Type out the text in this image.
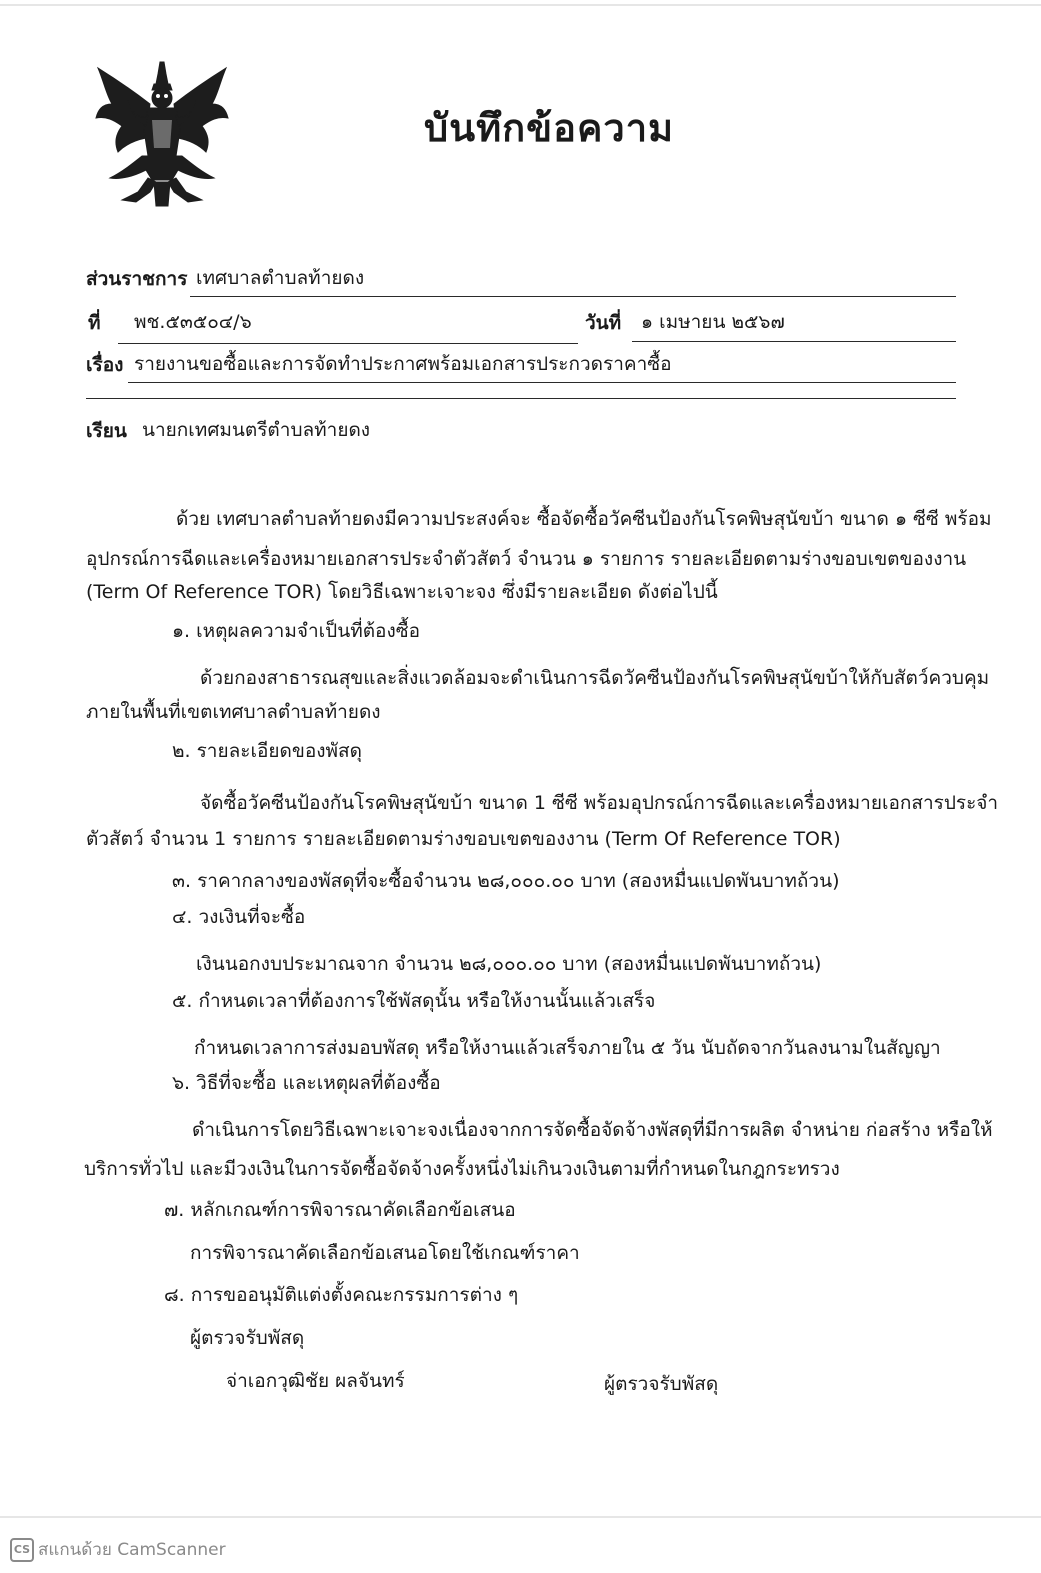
บันทึกข้อความ
ส่วนราชการ เทศบาลตำบลท้ายดง
ที่ พช.๕๓๕๐๔/๖	วันที่ ๑ เมษายน ๒๕๖๗
เรื่อง รายงานขอซื้อและการจัดทำประกาศพร้อมเอกสารประกวดราคาซื้อ
เรียน นายกเทศมนตรีตำบลท้ายดง
ด้วย เทศบาลตำบลท้ายดงมีความประสงค์จะ ซื้อจัดซื้อวัคซีนป้องกันโรคพิษสุนัขบ้า ขนาด ๑ ซีซี พร้อม
อุปกรณ์การฉีดและเครื่องหมายเอกสารประจำตัวสัตว์ จำนวน ๑ รายการ รายละเอียดตามร่างขอบเขตของงาน
(Term Of Reference TOR) โดยวิธีเฉพาะเจาะจง ซึ่งมีรายละเอียด ดังต่อไปนี้
๑. เหตุผลความจำเป็นที่ต้องซื้อ
ด้วยกองสาธารณสุขและสิ่งแวดล้อมจะดำเนินการฉีดวัคซีนป้องกันโรคพิษสุนัขบ้าให้กับสัตว์ควบคุม
ภายในพื้นที่เขตเทศบาลตำบลท้ายดง
๒. รายละเอียดของพัสดุ
จัดซื้อวัคซีนป้องกันโรคพิษสุนัขบ้า ขนาด 1 ซีซี พร้อมอุปกรณ์การฉีดและเครื่องหมายเอกสารประจำ
ตัวสัตว์ จำนวน 1 รายการ รายละเอียดตามร่างขอบเขตของงาน (Term Of Reference TOR)
๓. ราคากลางของพัสดุที่จะซื้อจำนวน ๒๘,๐๐๐.๐๐ บาท (สองหมื่นแปดพันบาทถ้วน)
๔. วงเงินที่จะซื้อ
เงินนอกงบประมาณจาก จำนวน ๒๘,๐๐๐.๐๐ บาท (สองหมื่นแปดพันบาทถ้วน)
๕. กำหนดเวลาที่ต้องการใช้พัสดุนั้น หรือให้งานนั้นแล้วเสร็จ
กำหนดเวลาการส่งมอบพัสดุ หรือให้งานแล้วเสร็จภายใน ๕ วัน นับถัดจากวันลงนามในสัญญา
๖. วิธีที่จะซื้อ และเหตุผลที่ต้องซื้อ
ดำเนินการโดยวิธีเฉพาะเจาะจงเนื่องจากการจัดซื้อจัดจ้างพัสดุที่มีการผลิต จำหน่าย ก่อสร้าง หรือให้
บริการทั่วไป และมีวงเงินในการจัดซื้อจัดจ้างครั้งหนึ่งไม่เกินวงเงินตามที่กำหนดในกฎกระทรวง
๗. หลักเกณฑ์การพิจารณาคัดเลือกข้อเสนอ
การพิจารณาคัดเลือกข้อเสนอโดยใช้เกณฑ์ราคา
๘. การขออนุมัติแต่งตั้งคณะกรรมการต่าง ๆ
ผู้ตรวจรับพัสดุ
จ่าเอกวุฒิชัย ผลจันทร์	ผู้ตรวจรับพัสดุ
CS สแกนด้วย CamScanner
